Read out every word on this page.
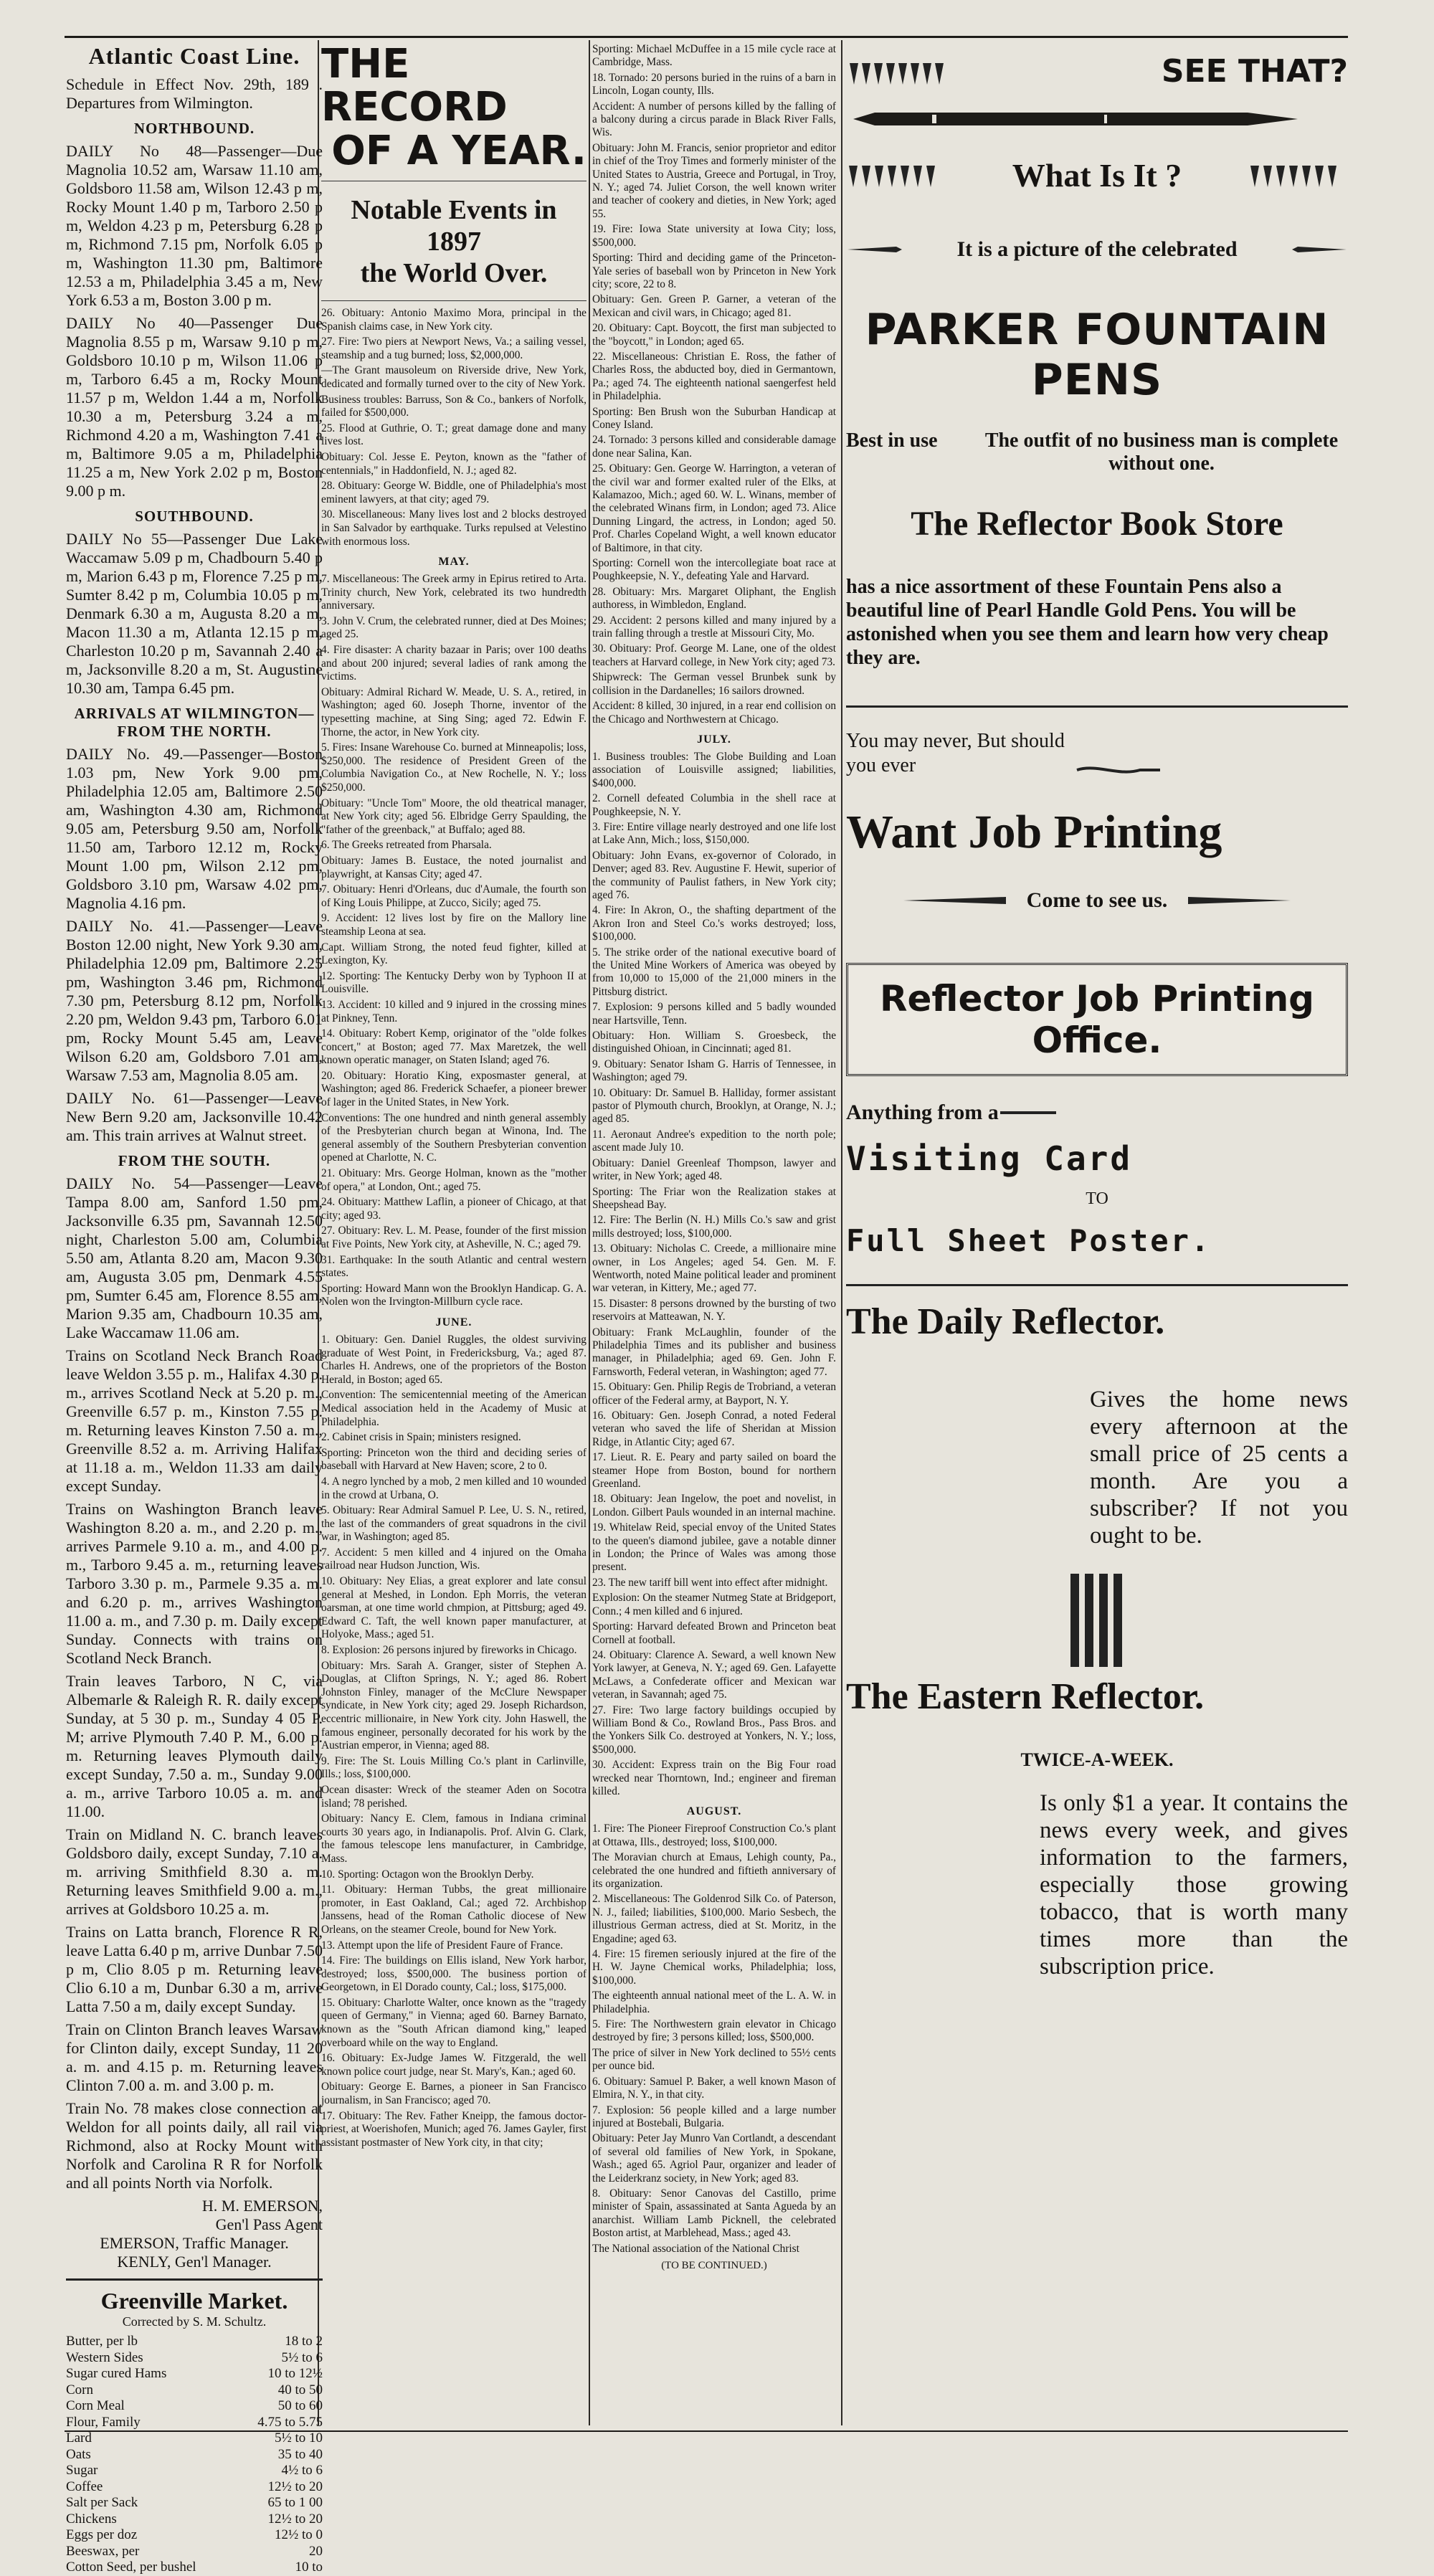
Atlantic Coast Line.

Schedule in Effect Nov. 29th, 189 . Departures from Wilmington.

NORTHBOUND.

DAILY No 48—Passenger—Due Magnolia 10.52 am, Warsaw 11.10 am, Goldsboro 11.58 am, Wilson 12.43 p m, Rocky Mount 1.40 p m, Tarboro 2.50 p m, Weldon 4.23 p m, Petersburg 6.28 p m, Richmond 7.15 pm, Norfolk 6.05 p m, Washington 11.30 pm, Baltimore 12.53 a m, Philadelphia 3.45 a m, New York 6.53 a m, Boston 3.00 p m.

DAILY No 40—Passenger Due Magnolia 8.55 p m, Warsaw 9.10 p m, Goldsboro 10.10 p m, Wilson 11.06 p m, Tarboro 6.45 a m, Rocky Mount 11.57 p m, Weldon 1.44 a m, Norfolk 10.30 a m, Petersburg 3.24 a m, Richmond 4.20 a m, Washington 7.41 a m, Baltimore 9.05 a m, Philadelphia 11.25 a m, New York 2.02 p m, Boston 9.00 p m.

SOUTHBOUND.

DAILY No 55—Passenger Due Lake Waccamaw 5.09 p m, Chadbourn 5.40 p m, Marion 6.43 p m, Florence 7.25 p m, Sumter 8.42 p m, Columbia 10.05 p m, Denmark 6.30 a m, Augusta 8.20 a m, Macon 11.30 a m, Atlanta 12.15 p m, Charleston 10.20 p m, Savannah 2.40 a m, Jacksonville 8.20 a m, St. Augustine 10.30 am, Tampa 6.45 pm.

ARRIVALS AT WILMINGTON—FROM THE NORTH.

DAILY No. 49.—Passenger—Boston 1.03 pm, New York 9.00 pm, Philadelphia 12.05 am, Baltimore 2.50 am, Washington 4.30 am, Richmond 9.05 am, Petersburg 9.50 am, Norfolk 11.50 am, Tarboro 12.12 m, Rocky Mount 1.00 pm, Wilson 2.12 pm, Goldsboro 3.10 pm, Warsaw 4.02 pm, Magnolia 4.16 pm.

DAILY No. 41.—Passenger—Leave Boston 12.00 night, New York 9.30 am, Philadelphia 12.09 pm, Baltimore 2.25 pm, Washington 3.46 pm, Richmond 7.30 pm, Petersburg 8.12 pm, Norfolk 2.20 pm, Weldon 9.43 pm, Tarboro 6.01 pm, Rocky Mount 5.45 am, Leave Wilson 6.20 am, Goldsboro 7.01 am, Warsaw 7.53 am, Magnolia 8.05 am.

DAILY No. 61—Passenger—Leave New Bern 9.20 am, Jacksonville 10.42 am. This train arrives at Walnut street.

FROM THE SOUTH.

DAILY No. 54—Passenger—Leave Tampa 8.00 am, Sanford 1.50 pm, Jacksonville 6.35 pm, Savannah 12.50 night, Charleston 5.00 am, Columbia 5.50 am, Atlanta 8.20 am, Macon 9.30 am, Augusta 3.05 pm, Denmark 4.55 pm, Sumter 6.45 am, Florence 8.55 am, Marion 9.35 am, Chadbourn 10.35 am, Lake Waccamaw 11.06 am.

Trains on Scotland Neck Branch Road leave Weldon 3.55 p. m., Halifax 4.30 p. m., arrives Scotland Neck at 5.20 p. m., Greenville 6.57 p. m., Kinston 7.55 p. m. Returning leaves Kinston 7.50 a. m., Greenville 8.52 a. m. Arriving Halifax at 11.18 a. m., Weldon 11.33 am daily except Sunday.

Trains on Washington Branch leave Washington 8.20 a. m., and 2.20 p. m., arrives Parmele 9.10 a. m., and 4.00 p. m., Tarboro 9.45 a. m., returning leaves Tarboro 3.30 p. m., Parmele 9.35 a. m. and 6.20 p. m., arrives Washington 11.00 a. m., and 7.30 p. m. Daily except Sunday. Connects with trains on Scotland Neck Branch.

Train leaves Tarboro, N C, via Albemarle & Raleigh R. R. daily except Sunday, at 5 30 p. m., Sunday 4 05 P. M; arrive Plymouth 7.40 P. M., 6.00 p. m. Returning leaves Plymouth daily except Sunday, 7.50 a. m., Sunday 9.00 a. m., arrive Tarboro 10.05 a. m. and 11.00.

Train on Midland N. C. branch leaves Goldsboro daily, except Sunday, 7.10 a. m. arriving Smithfield 8.30 a. m. Returning leaves Smithfield 9.00 a. m., arrives at Goldsboro 10.25 a. m.

Trains on Latta branch, Florence R R, leave Latta 6.40 p m, arrive Dunbar 7.50 p m, Clio 8.05 p m. Returning leave Clio 6.10 a m, Dunbar 6.30 a m, arrive Latta 7.50 a m, daily except Sunday.

Train on Clinton Branch leaves Warsaw for Clinton daily, except Sunday, 11 20 a. m. and 4.15 p. m. Returning leaves Clinton 7.00 a. m. and 3.00 p. m.

Train No. 78 makes close connection at Weldon for all points daily, all rail via Richmond, also at Rocky Mount with Norfolk and Carolina R R for Norfolk and all points North via Norfolk.

H. M. EMERSON,
Gen'l Pass Agent
EMERSON, Traffic Manager.
KENLY, Gen'l Manager.
Greenville Market.
Corrected by S. M. Schultz.
Butter, per lb	18 to 2
Western Sides	5½ to 6
Sugar cured Hams	10 to 12½
Corn	40 to 50
Corn Meal	50 to 60
Flour, Family	4.75 to 5.75
Lard	5½ to 10
Oats	35 to 40
Sugar	4½ to 6
Coffee	12½ to 20
Salt per Sack	65 to 1 00
Chickens	12½ to 20
Eggs per doz	12½ to 0
Beeswax, per	20
Cotton Seed, per bushel	10 to
THE RECORD
OF A YEAR.
Notable Events in 1897
the World Over.

26. Obituary: Antonio Maximo Mora, principal in the Spanish claims case, in New York city.

27. Fire: Two piers at Newport News, Va.; a sailing vessel, steamship and a tug burned; loss, $2,000,000.

—The Grant mausoleum on Riverside drive, New York, dedicated and formally turned over to the city of New York.

Business troubles: Barruss, Son & Co., bankers of Norfolk, failed for $500,000.

25. Flood at Guthrie, O. T.; great damage done and many lives lost.

Obituary: Col. Jesse E. Peyton, known as the "father of centennials," in Haddonfield, N. J.; aged 82.

28. Obituary: George W. Biddle, one of Philadelphia's most eminent lawyers, at that city; aged 79.

30. Miscellaneous: Many lives lost and 2 blocks destroyed in San Salvador by earthquake. Turks repulsed at Velestino with enormous loss.

MAY.

7. Miscellaneous: The Greek army in Epirus retired to Arta. Trinity church, New York, celebrated its two hundredth anniversary.

3. John V. Crum, the celebrated runner, died at Des Moines; aged 25.

4. Fire disaster: A charity bazaar in Paris; over 100 deaths and about 200 injured; several ladies of rank among the victims.

Obituary: Admiral Richard W. Meade, U. S. A., retired, in Washington; aged 60. Joseph Thorne, inventor of the typesetting machine, at Sing Sing; aged 72. Edwin F. Thorne, the actor, in New York city.

5. Fires: Insane Warehouse Co. burned at Minneapolis; loss, $250,000. The residence of President Green of the Columbia Navigation Co., at New Rochelle, N. Y.; loss $250,000.

Obituary: "Uncle Tom" Moore, the old theatrical manager, at New York city; aged 56. Elbridge Gerry Spaulding, the "father of the greenback," at Buffalo; aged 88.

6. The Greeks retreated from Pharsala.

Obituary: James B. Eustace, the noted journalist and playwright, at Kansas City; aged 47.

7. Obituary: Henri d'Orleans, duc d'Aumale, the fourth son of King Louis Philippe, at Zucco, Sicily; aged 75.

9. Accident: 12 lives lost by fire on the Mallory line steamship Leona at sea.

Capt. William Strong, the noted feud fighter, killed at Lexington, Ky.

12. Sporting: The Kentucky Derby won by Typhoon II at Louisville.

13. Accident: 10 killed and 9 injured in the crossing mines at Pinkney, Tenn.

14. Obituary: Robert Kemp, originator of the "olde folkes concert," at Boston; aged 77. Max Maretzek, the well known operatic manager, on Staten Island; aged 76.

20. Obituary: Horatio King, exposmaster general, at Washington; aged 86. Frederick Schaefer, a pioneer brewer of lager in the United States, in New York.

Conventions: The one hundred and ninth general assembly of the Presbyterian church began at Winona, Ind. The general assembly of the Southern Presbyterian convention opened at Charlotte, N. C.

21. Obituary: Mrs. George Holman, known as the "mother of opera," at London, Ont.; aged 75.

24. Obituary: Matthew Laflin, a pioneer of Chicago, at that city; aged 93.

27. Obituary: Rev. L. M. Pease, founder of the first mission at Five Points, New York city, at Asheville, N. C.; aged 79.

31. Earthquake: In the south Atlantic and central western states.

Sporting: Howard Mann won the Brooklyn Handicap. G. A. Nolen won the Irvington-Millburn cycle race.

JUNE.

1. Obituary: Gen. Daniel Ruggles, the oldest surviving graduate of West Point, in Fredericksburg, Va.; aged 87. Charles H. Andrews, one of the proprietors of the Boston Herald, in Boston; aged 65.

Convention: The semicentennial meeting of the American Medical association held in the Academy of Music at Philadelphia.

2. Cabinet crisis in Spain; ministers resigned.

Sporting: Princeton won the third and deciding series of baseball with Harvard at New Haven; score, 2 to 0.

4. A negro lynched by a mob, 2 men killed and 10 wounded in the crowd at Urbana, O.

5. Obituary: Rear Admiral Samuel P. Lee, U. S. N., retired, the last of the commanders of great squadrons in the civil war, in Washington; aged 85.

7. Accident: 5 men killed and 4 injured on the Omaha railroad near Hudson Junction, Wis.

10. Obituary: Ney Elias, a great explorer and late consul general at Meshed, in London. Eph Morris, the veteran oarsman, at one time world chmpion, at Pittsburg; aged 49. Edward C. Taft, the well known paper manufacturer, at Holyoke, Mass.; aged 51.

8. Explosion: 26 persons injured by fireworks in Chicago.

Obituary: Mrs. Sarah A. Granger, sister of Stephen A. Douglas, at Clifton Springs, N. Y.; aged 86. Robert Johnston Finley, manager of the McClure Newspaper syndicate, in New York city; aged 29. Joseph Richardson, eccentric millionaire, in New York city. John Haswell, the famous engineer, personally decorated for his work by the Austrian emperor, in Vienna; aged 88.

9. Fire: The St. Louis Milling Co.'s plant in Carlinville, Ills.; loss, $100,000.

Ocean disaster: Wreck of the steamer Aden on Socotra island; 78 perished.

Obituary: Nancy E. Clem, famous in Indiana criminal courts 30 years ago, in Indianapolis. Prof. Alvin G. Clark, the famous telescope lens manufacturer, in Cambridge, Mass.

10. Sporting: Octagon won the Brooklyn Derby.

11. Obituary: Herman Tubbs, the great millionaire promoter, in East Oakland, Cal.; aged 72. Archbishop Janssens, head of the Roman Catholic diocese of New Orleans, on the steamer Creole, bound for New York.

13. Attempt upon the life of President Faure of France.

14. Fire: The buildings on Ellis island, New York harbor, destroyed; loss, $500,000. The business portion of Georgetown, in El Dorado county, Cal.; loss, $175,000.

15. Obituary: Charlotte Walter, once known as the "tragedy queen of Germany," in Vienna; aged 60. Barney Barnato, known as the "South African diamond king," leaped overboard while on the way to England.

16. Obituary: Ex-Judge James W. Fitzgerald, the well known police court judge, near St. Mary's, Kan.; aged 60.

Obituary: George E. Barnes, a pioneer in San Francisco journalism, in San Francisco; aged 70.

17. Obituary: The Rev. Father Kneipp, the famous doctor-priest, at Woerishofen, Munich; aged 76. James Gayler, first assistant postmaster of New York city, in that city;

Sporting: Michael McDuffee in a 15 mile cycle race at Cambridge, Mass.

18. Tornado: 20 persons buried in the ruins of a barn in Lincoln, Logan county, Ills.

Accident: A number of persons killed by the falling of a balcony during a circus parade in Black River Falls, Wis.

Obituary: John M. Francis, senior proprietor and editor in chief of the Troy Times and formerly minister of the United States to Austria, Greece and Portugal, in Troy, N. Y.; aged 74. Juliet Corson, the well known writer and teacher of cookery and dieties, in New York; aged 55.

19. Fire: Iowa State university at Iowa City; loss, $500,000.

Sporting: Third and deciding game of the Princeton-Yale series of baseball won by Princeton in New York city; score, 22 to 8.

Obituary: Gen. Green P. Garner, a veteran of the Mexican and civil wars, in Chicago; aged 81.

20. Obituary: Capt. Boycott, the first man subjected to the "boycott," in London; aged 65.

22. Miscellaneous: Christian E. Ross, the father of Charles Ross, the abducted boy, died in Germantown, Pa.; aged 74. The eighteenth national saengerfest held in Philadelphia.

Sporting: Ben Brush won the Suburban Handicap at Coney Island.

24. Tornado: 3 persons killed and considerable damage done near Salina, Kan.

25. Obituary: Gen. George W. Harrington, a veteran of the civil war and former exalted ruler of the Elks, at Kalamazoo, Mich.; aged 60. W. L. Winans, member of the celebrated Winans firm, in London; aged 73. Alice Dunning Lingard, the actress, in London; aged 50. Prof. Charles Copeland Wight, a well known educator of Baltimore, in that city.

Sporting: Cornell won the intercollegiate boat race at Poughkeepsie, N. Y., defeating Yale and Harvard.

28. Obituary: Mrs. Margaret Oliphant, the English authoress, in Wimbledon, England.

29. Accident: 2 persons killed and many injured by a train falling through a trestle at Missouri City, Mo.

30. Obituary: Prof. George M. Lane, one of the oldest teachers at Harvard college, in New York city; aged 73.

Shipwreck: The German vessel Brunbek sunk by collision in the Dardanelles; 16 sailors drowned.

Accident: 8 killed, 30 injured, in a rear end collision on the Chicago and Northwestern at Chicago.

JULY.

1. Business troubles: The Globe Building and Loan association of Louisville assigned; liabilities, $400,000.

2. Cornell defeated Columbia in the shell race at Poughkeepsie, N. Y.

3. Fire: Entire village nearly destroyed and one life lost at Lake Ann, Mich.; loss, $150,000.

Obituary: John Evans, ex-governor of Colorado, in Denver; aged 83. Rev. Augustine F. Hewit, superior of the community of Paulist fathers, in New York city; aged 76.

4. Fire: In Akron, O., the shafting department of the Akron Iron and Steel Co.'s works destroyed; loss, $100,000.

5. The strike order of the national executive board of the United Mine Workers of America was obeyed by from 10,000 to 15,000 of the 21,000 miners in the Pittsburg district.

7. Explosion: 9 persons killed and 5 badly wounded near Hartsville, Tenn.

Obituary: Hon. William S. Groesbeck, the distinguished Ohioan, in Cincinnati; aged 81.

9. Obituary: Senator Isham G. Harris of Tennessee, in Washington; aged 79.

10. Obituary: Dr. Samuel B. Halliday, former assistant pastor of Plymouth church, Brooklyn, at Orange, N. J.; aged 85.

11. Aeronaut Andree's expedition to the north pole; ascent made July 10.

Obituary: Daniel Greenleaf Thompson, lawyer and writer, in New York; aged 48.

Sporting: The Friar won the Realization stakes at Sheepshead Bay.

12. Fire: The Berlin (N. H.) Mills Co.'s saw and grist mills destroyed; loss, $100,000.

13. Obituary: Nicholas C. Creede, a millionaire mine owner, in Los Angeles; aged 54. Gen. M. F. Wentworth, noted Maine political leader and prominent war veteran, in Kittery, Me.; aged 77.

15. Disaster: 8 persons drowned by the bursting of two reservoirs at Matteawan, N. Y.

Obituary: Frank McLaughlin, founder of the Philadelphia Times and its publisher and business manager, in Philadelphia; aged 69. Gen. John F. Farnsworth, Federal veteran, in Washington; aged 77.

15. Obituary: Gen. Philip Regis de Trobriand, a veteran officer of the Federal army, at Bayport, N. Y.

16. Obituary: Gen. Joseph Conrad, a noted Federal veteran who saved the life of Sheridan at Mission Ridge, in Atlantic City; aged 67.

17. Lieut. R. E. Peary and party sailed on board the steamer Hope from Boston, bound for northern Greenland.

18. Obituary: Jean Ingelow, the poet and novelist, in London. Gilbert Pauls wounded in an internal machine.

19. Whitelaw Reid, special envoy of the United States to the queen's diamond jubilee, gave a notable dinner in London; the Prince of Wales was among those present.

23. The new tariff bill went into effect after midnight.

Explosion: On the steamer Nutmeg State at Bridgeport, Conn.; 4 men killed and 6 injured.

Sporting: Harvard defeated Brown and Princeton beat Cornell at football.

24. Obituary: Clarence A. Seward, a well known New York lawyer, at Geneva, N. Y.; aged 69. Gen. Lafayette McLaws, a Confederate officer and Mexican war veteran, in Savannah; aged 75.

27. Fire: Two large factory buildings occupied by William Bond & Co., Rowland Bros., Pass Bros. and the Yonkers Silk Co. destroyed at Yonkers, N. Y.; loss, $500,000.

30. Accident: Express train on the Big Four road wrecked near Thorntown, Ind.; engineer and fireman killed.

AUGUST.

1. Fire: The Pioneer Fireproof Construction Co.'s plant at Ottawa, Ills., destroyed; loss, $100,000.

The Moravian church at Emaus, Lehigh county, Pa., celebrated the one hundred and fiftieth anniversary of its organization.

2. Miscellaneous: The Goldenrod Silk Co. of Paterson, N. J., failed; liabilities, $100,000. Mario Sesbech, the illustrious German actress, died at St. Moritz, in the Engadine; aged 63.

4. Fire: 15 firemen seriously injured at the fire of the H. W. Jayne Chemical works, Philadelphia; loss, $100,000.

The eighteenth annual national meet of the L. A. W. in Philadelphia.

5. Fire: The Northwestern grain elevator in Chicago destroyed by fire; 3 persons killed; loss, $500,000.

The price of silver in New York declined to 55½ cents per ounce bid.

6. Obituary: Samuel P. Baker, a well known Mason of Elmira, N. Y., in that city.

7. Explosion: 56 people killed and a large number injured at Bostebali, Bulgaria.

Obituary: Peter Jay Munro Van Cortlandt, a descendant of several old families of New York, in Spokane, Wash.; aged 65. Agriol Paur, organizer and leader of the Leiderkranz society, in New York; aged 83.

8. Obituary: Senor Canovas del Castillo, prime minister of Spain, assassinated at Santa Agueda by an anarchist. William Lamb Picknell, the celebrated Boston artist, at Marblehead, Mass.; aged 43.

The National association of the National Christ

(TO BE CONTINUED.)
SEE THAT?
What Is It ?
It is a picture of the celebrated
PARKER FOUNTAIN PENS
Best in use	The outfit of no business man is complete without one.
The Reflector Book Store
has a nice assortment of these Fountain Pens also a beautiful line of Pearl Handle Gold Pens. You will be astonished when you see them and learn how very cheap they are.
You may never, But should you ever
Want Job Printing
Come to see us.
Reflector Job Printing Office.
Anything from a
Visiting Card
TO
Full Sheet Poster.
The Daily Reflector.
Gives the home news every afternoon at the small price of 25 cents a month. Are you a subscriber? If not you ought to be.
The Eastern Reflector.
TWICE-A-WEEK.
Is only $1 a year. It contains the news every week, and gives information to the farmers, especially those growing tobacco, that is worth many times more than the subscription price.
